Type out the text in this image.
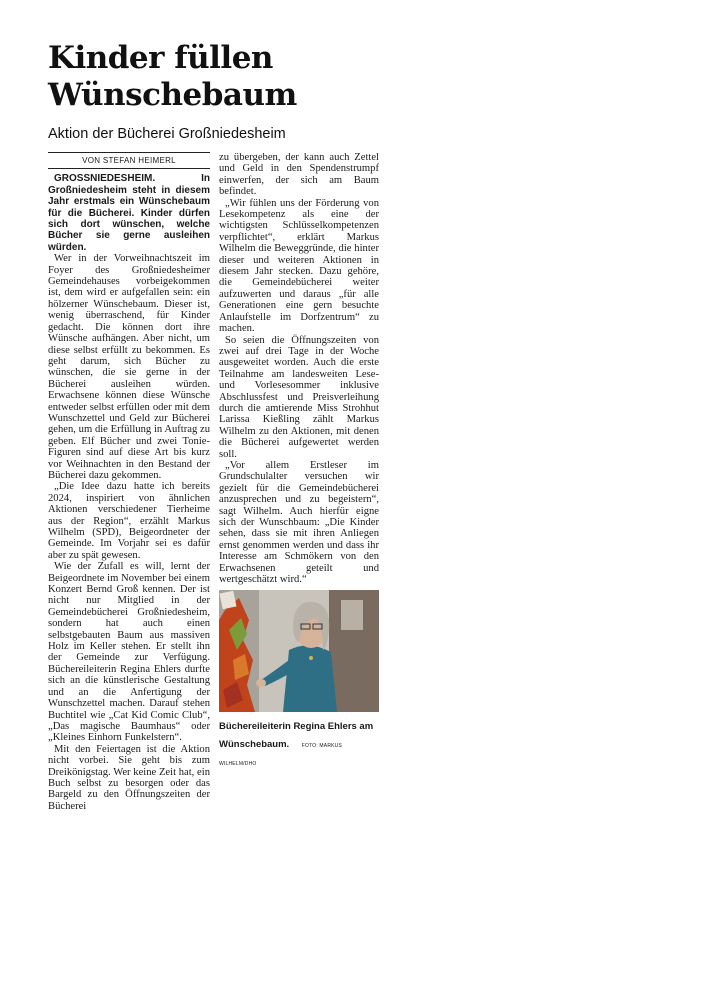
Kinder füllen
Wünschebaum
Aktion der Bücherei Großniedesheim
VON STEFAN HEIMERL

GROSSNIEDESHEIM. In Großniedesheim steht in diesem Jahr erstmals ein Wünschebaum für die Bücherei. Kinder dürfen sich dort wünschen, welche Bücher sie gerne ausleihen würden.

Wer in der Vorweihnachtszeit im Foyer des Großniedesheimer Gemeindehauses vorbeigekommen ist, dem wird er aufgefallen sein: ein hölzerner Wünschebaum. Dieser ist, wenig überraschend, für Kinder gedacht. Die können dort ihre Wünsche aufhängen. Aber nicht, um diese selbst erfüllt zu bekommen. Es geht darum, sich Bücher zu wünschen, die sie gerne in der Bücherei ausleihen würden. Erwachsene können diese Wünsche entweder selbst erfüllen oder mit dem Wunschzettel und Geld zur Bücherei gehen, um die Erfüllung in Auftrag zu geben. Elf Bücher und zwei Tonie-Figuren sind auf diese Art bis kurz vor Weihnachten in den Bestand der Bücherei dazu gekommen.

„Die Idee dazu hatte ich bereits 2024, inspiriert von ähnlichen Aktionen verschiedener Tierheime aus der Region“, erzählt Markus Wilhelm (SPD), Beigeordneter der Gemeinde. Im Vorjahr sei es dafür aber zu spät gewesen.

Wie der Zufall es will, lernt der Beigeordnete im November bei einem Konzert Bernd Groß kennen. Der ist nicht nur Mitglied in der Gemeindebücherei Großniedesheim, sondern hat auch einen selbstgebauten Baum aus massiven Holz im Keller stehen. Er stellt ihn der Gemeinde zur Verfügung. Büchereileiterin Regina Ehlers durfte sich an die künstlerische Gestaltung und an die Anfertigung der Wunschzettel machen. Darauf stehen Buchtitel wie „Cat Kid Comic Club“, „Das magische Baumhaus“ oder „Kleines Einhorn Funkelstern“.

Mit den Feiertagen ist die Aktion nicht vorbei. Sie geht bis zum Dreikönigstag. Wer keine Zeit hat, ein Buch selbst zu besorgen oder das Bargeld zu den Öffnungszeiten der Bücherei

zu übergeben, der kann auch Zettel und Geld in den Spendenstrumpf einwerfen, der sich am Baum befindet.

„Wir fühlen uns der Förderung von Lesekompetenz als eine der wichtigsten Schlüsselkompetenzen verpflichtet“, erklärt Markus Wilhelm die Beweggründe, die hinter dieser und weiteren Aktionen in diesem Jahr stecken. Dazu gehöre, die Gemeindebücherei weiter aufzuwerten und daraus „für alle Generationen eine gern besuchte Anlaufstelle im Dorfzentrum“ zu machen.

So seien die Öffnungszeiten von zwei auf drei Tage in der Woche ausgeweitet worden. Auch die erste Teilnahme am landesweiten Lese- und Vorlesesommer inklusive Abschlussfest und Preisverleihung durch die amtierende Miss Strohhut Larissa Kießling zählt Markus Wilhelm zu den Aktionen, mit denen die Bücherei aufgewertet werden soll.

„Vor allem Erstleser im Grundschulalter versuchen wir gezielt für die Gemeindebücherei anzusprechen und zu begeistern“, sagt Wilhelm. Auch hierfür eigne sich der Wunschbaum: „Die Kinder sehen, dass sie mit ihren Anliegen ernst genommen werden und dass ihr Interesse am Schmökern von den Erwachsenen geteilt und wertgeschätzt wird.“

Büchereileiterin Regina Ehlers am Wünschebaum. FOTO: MARKUS WILHELM/DHO
